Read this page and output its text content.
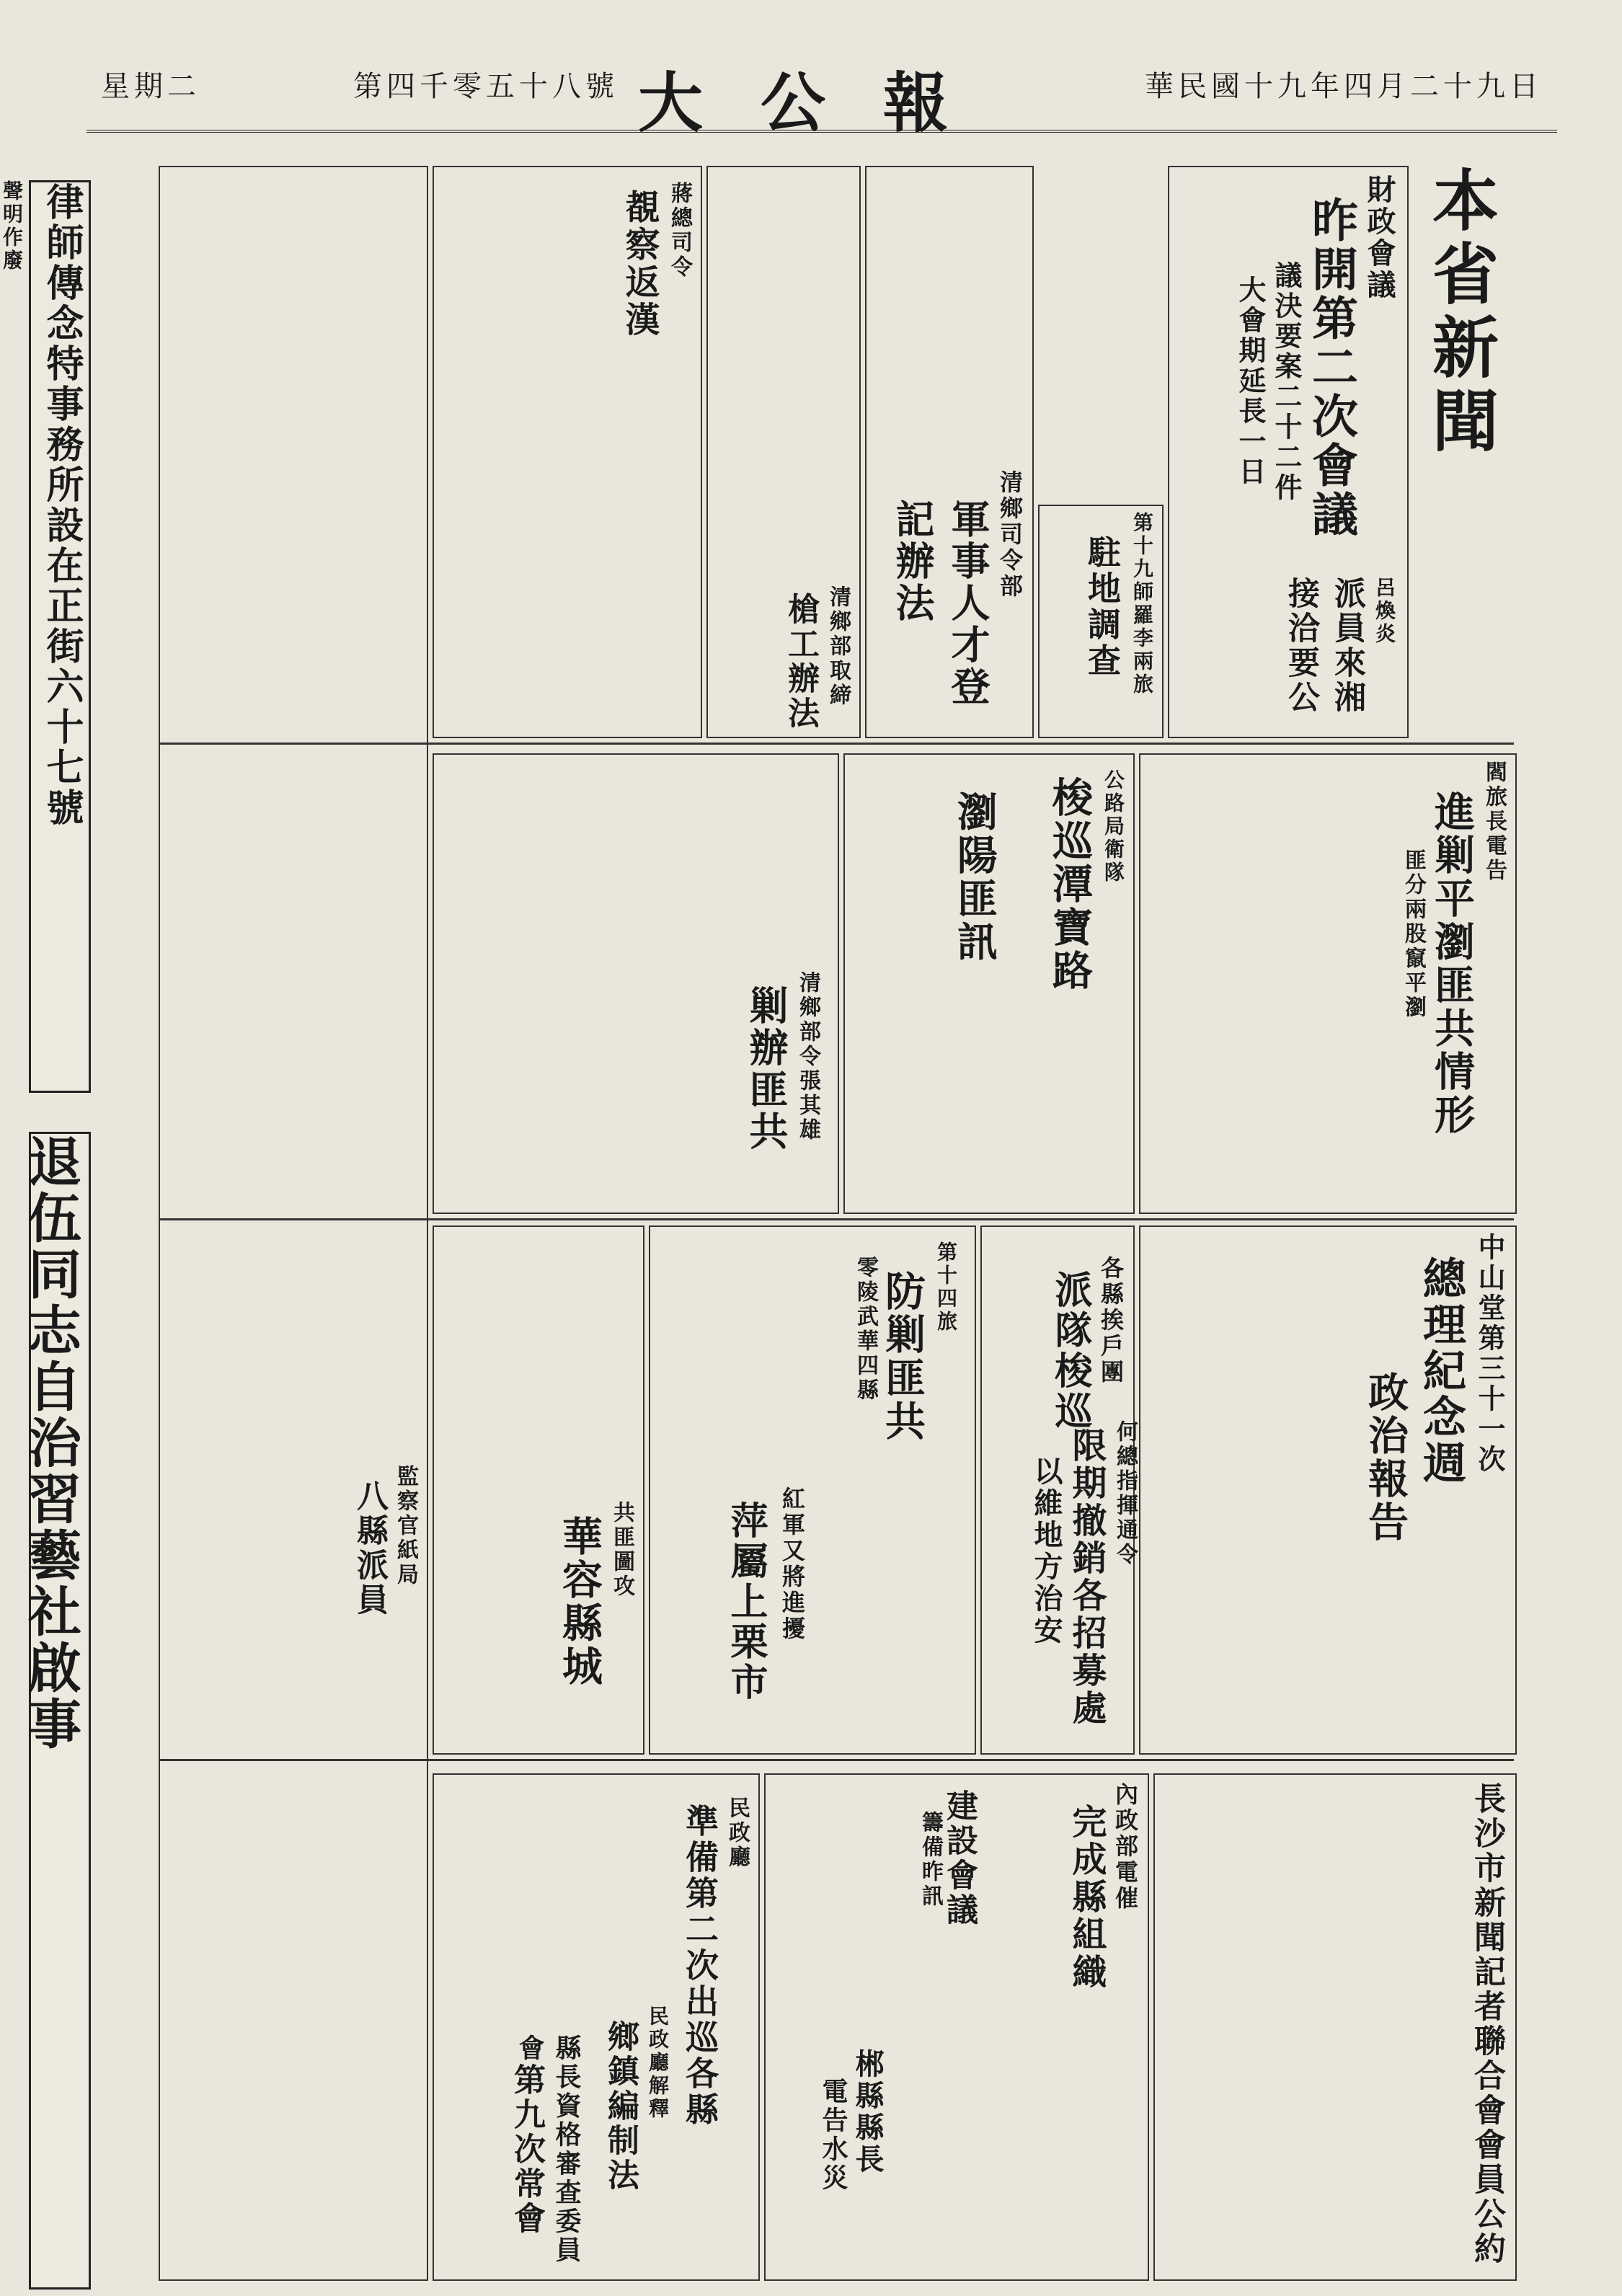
星期二	第四千零五十八號 大公報	華民國十九年四月二十九日
律師傳念特事務所設在正街六十七號
退伍同志自治習藝社啟事
聲明作廢	本省新聞
財政會議
昨開第二次會議
議決要案二十二件
大會期延長一日
第十九師羅李兩旅
駐地調查	呂煥炎
派員來湘接洽要公
清鄉司令部
軍事人才登記辦法
清鄉部取締
槍工辦法
蔣總司令
覩察返漢
閻旅長電告
進剿平瀏匪共情形
匪分兩股竄平瀏
公路局衛隊
梭巡潭寶路
瀏陽匪訊
清鄉部令張其雄
剿辦匪共
中山堂第三十一次
總理紀念週
政治報告
各縣挨戶團
派隊梭巡
第十四旅
防剿匪共
零陵武華四縣
紅軍又將進擾
萍屬上栗市
共匪圖攻
華容縣城
長沙市新聞記者聯合會會員公約
何總指揮通令
限期撤銷各招募處
以維地方治安
內政部電催
完成縣組織
建設會議
籌備昨訊
郴縣縣長
電告水災
民政廳
準備第二次出巡各縣
民政廳解釋
鄉鎮編制法
縣長資格審查委員會
第九次常會
監察官紙局
八縣派員
